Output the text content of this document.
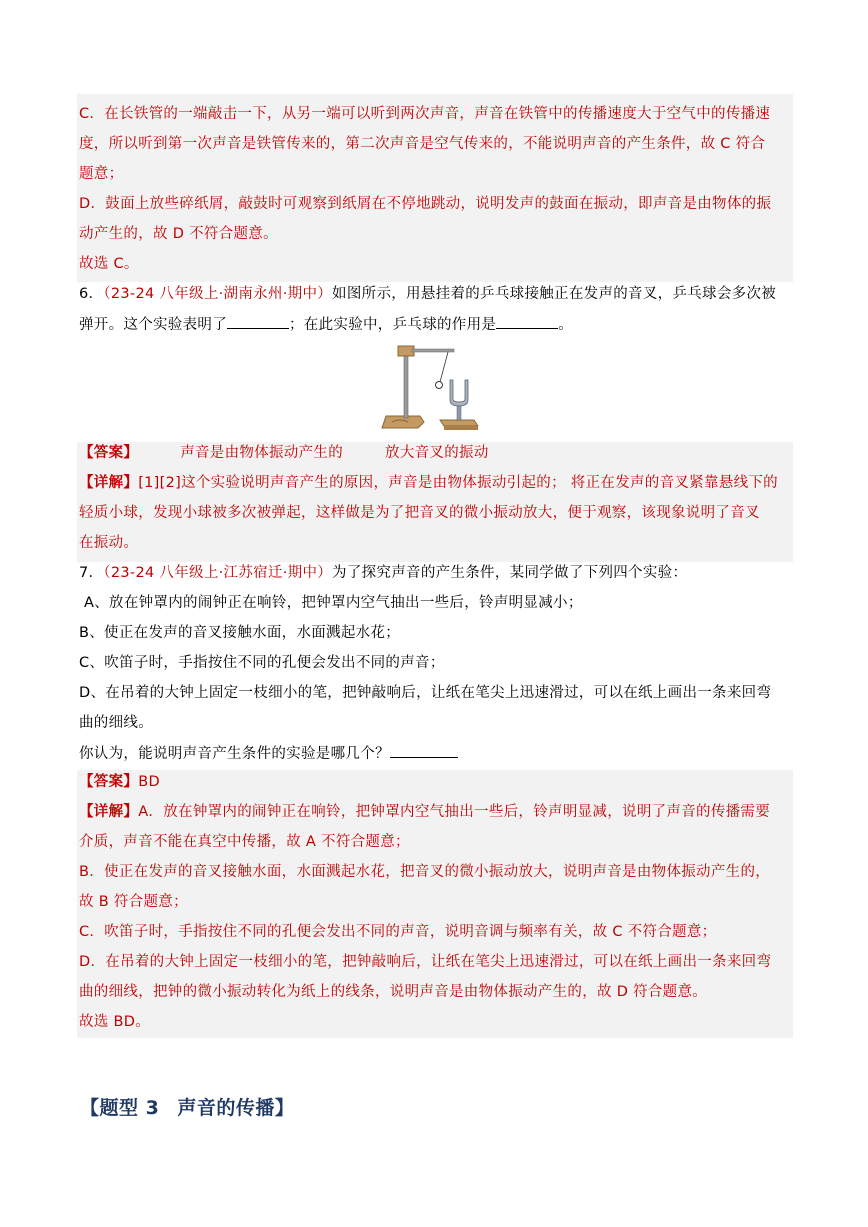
C．在长铁管的一端敲击一下，从另一端可以听到两次声音，声音在铁管中的传播速度大于空气中的传播速
度，所以听到第一次声音是铁管传来的，第二次声音是空气传来的，不能说明声音的产生条件，故 C 符合
题意；
D．鼓面上放些碎纸屑，敲鼓时可观察到纸屑在不停地跳动，说明发声的鼓面在振动，即声音是由物体的振
动产生的，故 D 不符合题意。
故选 C。
6．（23-24 八年级上·湖南永州·期中）如图所示，用悬挂着的乒乓球接触正在发声的音叉，乒乓球会多次被
弹开。这个实验表明了	；在此实验中，乒乓球的作用是	。
【答案】	声音是由物体振动产生的	放大音叉的振动
【详解】[1][2]这个实验说明声音产生的原因，声音是由物体振动引起的； 将正在发声的音叉紧靠悬线下的
轻质小球，发现小球被多次被弹起，这样做是为了把音叉的微小振动放大，便于观察，该现象说明了音叉
在振动。
7．（23-24 八年级上·江苏宿迁·期中）为了探究声音的产生条件，某同学做了下列四个实验：
A、放在钟罩内的闹钟正在响铃，把钟罩内空气抽出一些后，铃声明显减小；
B、使正在发声的音叉接触水面，水面溅起水花；
C、吹笛子时，手指按住不同的孔便会发出不同的声音；
D、在吊着的大钟上固定一枝细小的笔，把钟敲响后，让纸在笔尖上迅速滑过，可以在纸上画出一条来回弯
曲的细线。
你认为，能说明声音产生条件的实验是哪几个？
【答案】BD
【详解】A．放在钟罩内的闹钟正在响铃，把钟罩内空气抽出一些后，铃声明显减，说明了声音的传播需要
介质，声音不能在真空中传播，故 A 不符合题意；
B．使正在发声的音叉接触水面，水面溅起水花，把音叉的微小振动放大，说明声音是由物体振动产生的，
故 B 符合题意；
C．吹笛子时，手指按住不同的孔便会发出不同的声音，说明音调与频率有关，故 C 不符合题意；
D．在吊着的大钟上固定一枝细小的笔，把钟敲响后，让纸在笔尖上迅速滑过，可以在纸上画出一条来回弯
曲的细线，把钟的微小振动转化为纸上的线条，说明声音是由物体振动产生的，故 D 符合题意。
故选 BD。
【题型 3 声音的传播】
